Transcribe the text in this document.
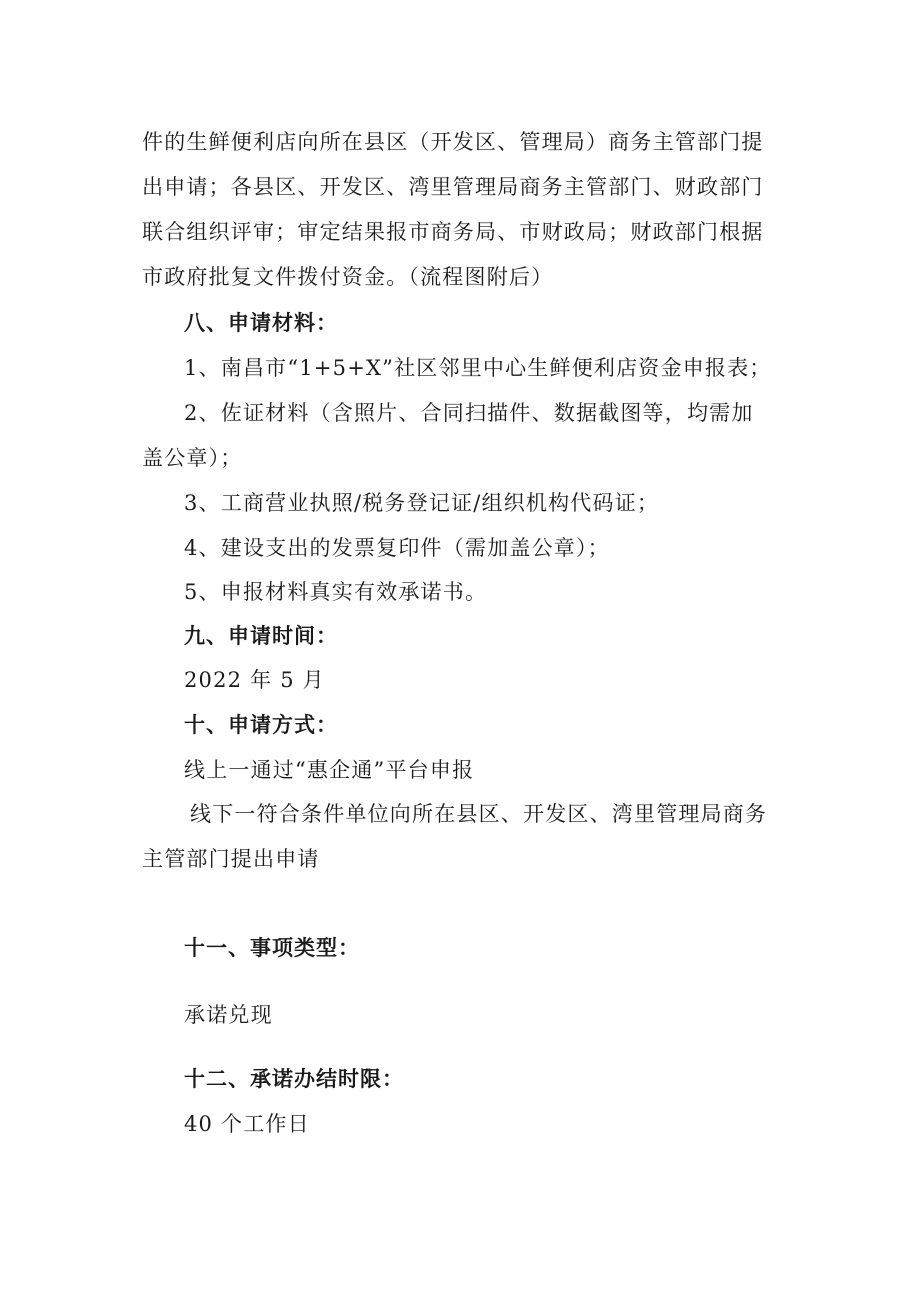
件的生鲜便利店向所在县区（开发区、管理局）商务主管部门提
出申请；各县区、开发区、湾里管理局商务主管部门、财政部门
联合组织评审；审定结果报市商务局、市财政局；财政部门根据
市政府批复文件拨付资金。（流程图附后）
八、申请材料：
1、南昌市“1+5+X”社区邻里中心生鲜便利店资金申报表；
2、佐证材料（含照片、合同扫描件、数据截图等，均需加
盖公章）；
3、工商营业执照/税务登记证/组织机构代码证；
4、建设支出的发票复印件（需加盖公章）；
5、申报材料真实有效承诺书。
九、申请时间：
2022 年 5 月
十、申请方式：
线上一通过“惠企通”平台申报
线下一符合条件单位向所在县区、开发区、湾里管理局商务
主管部门提出申请
十一、事项类型：
承诺兑现
十二、承诺办结时限：
40 个工作日
